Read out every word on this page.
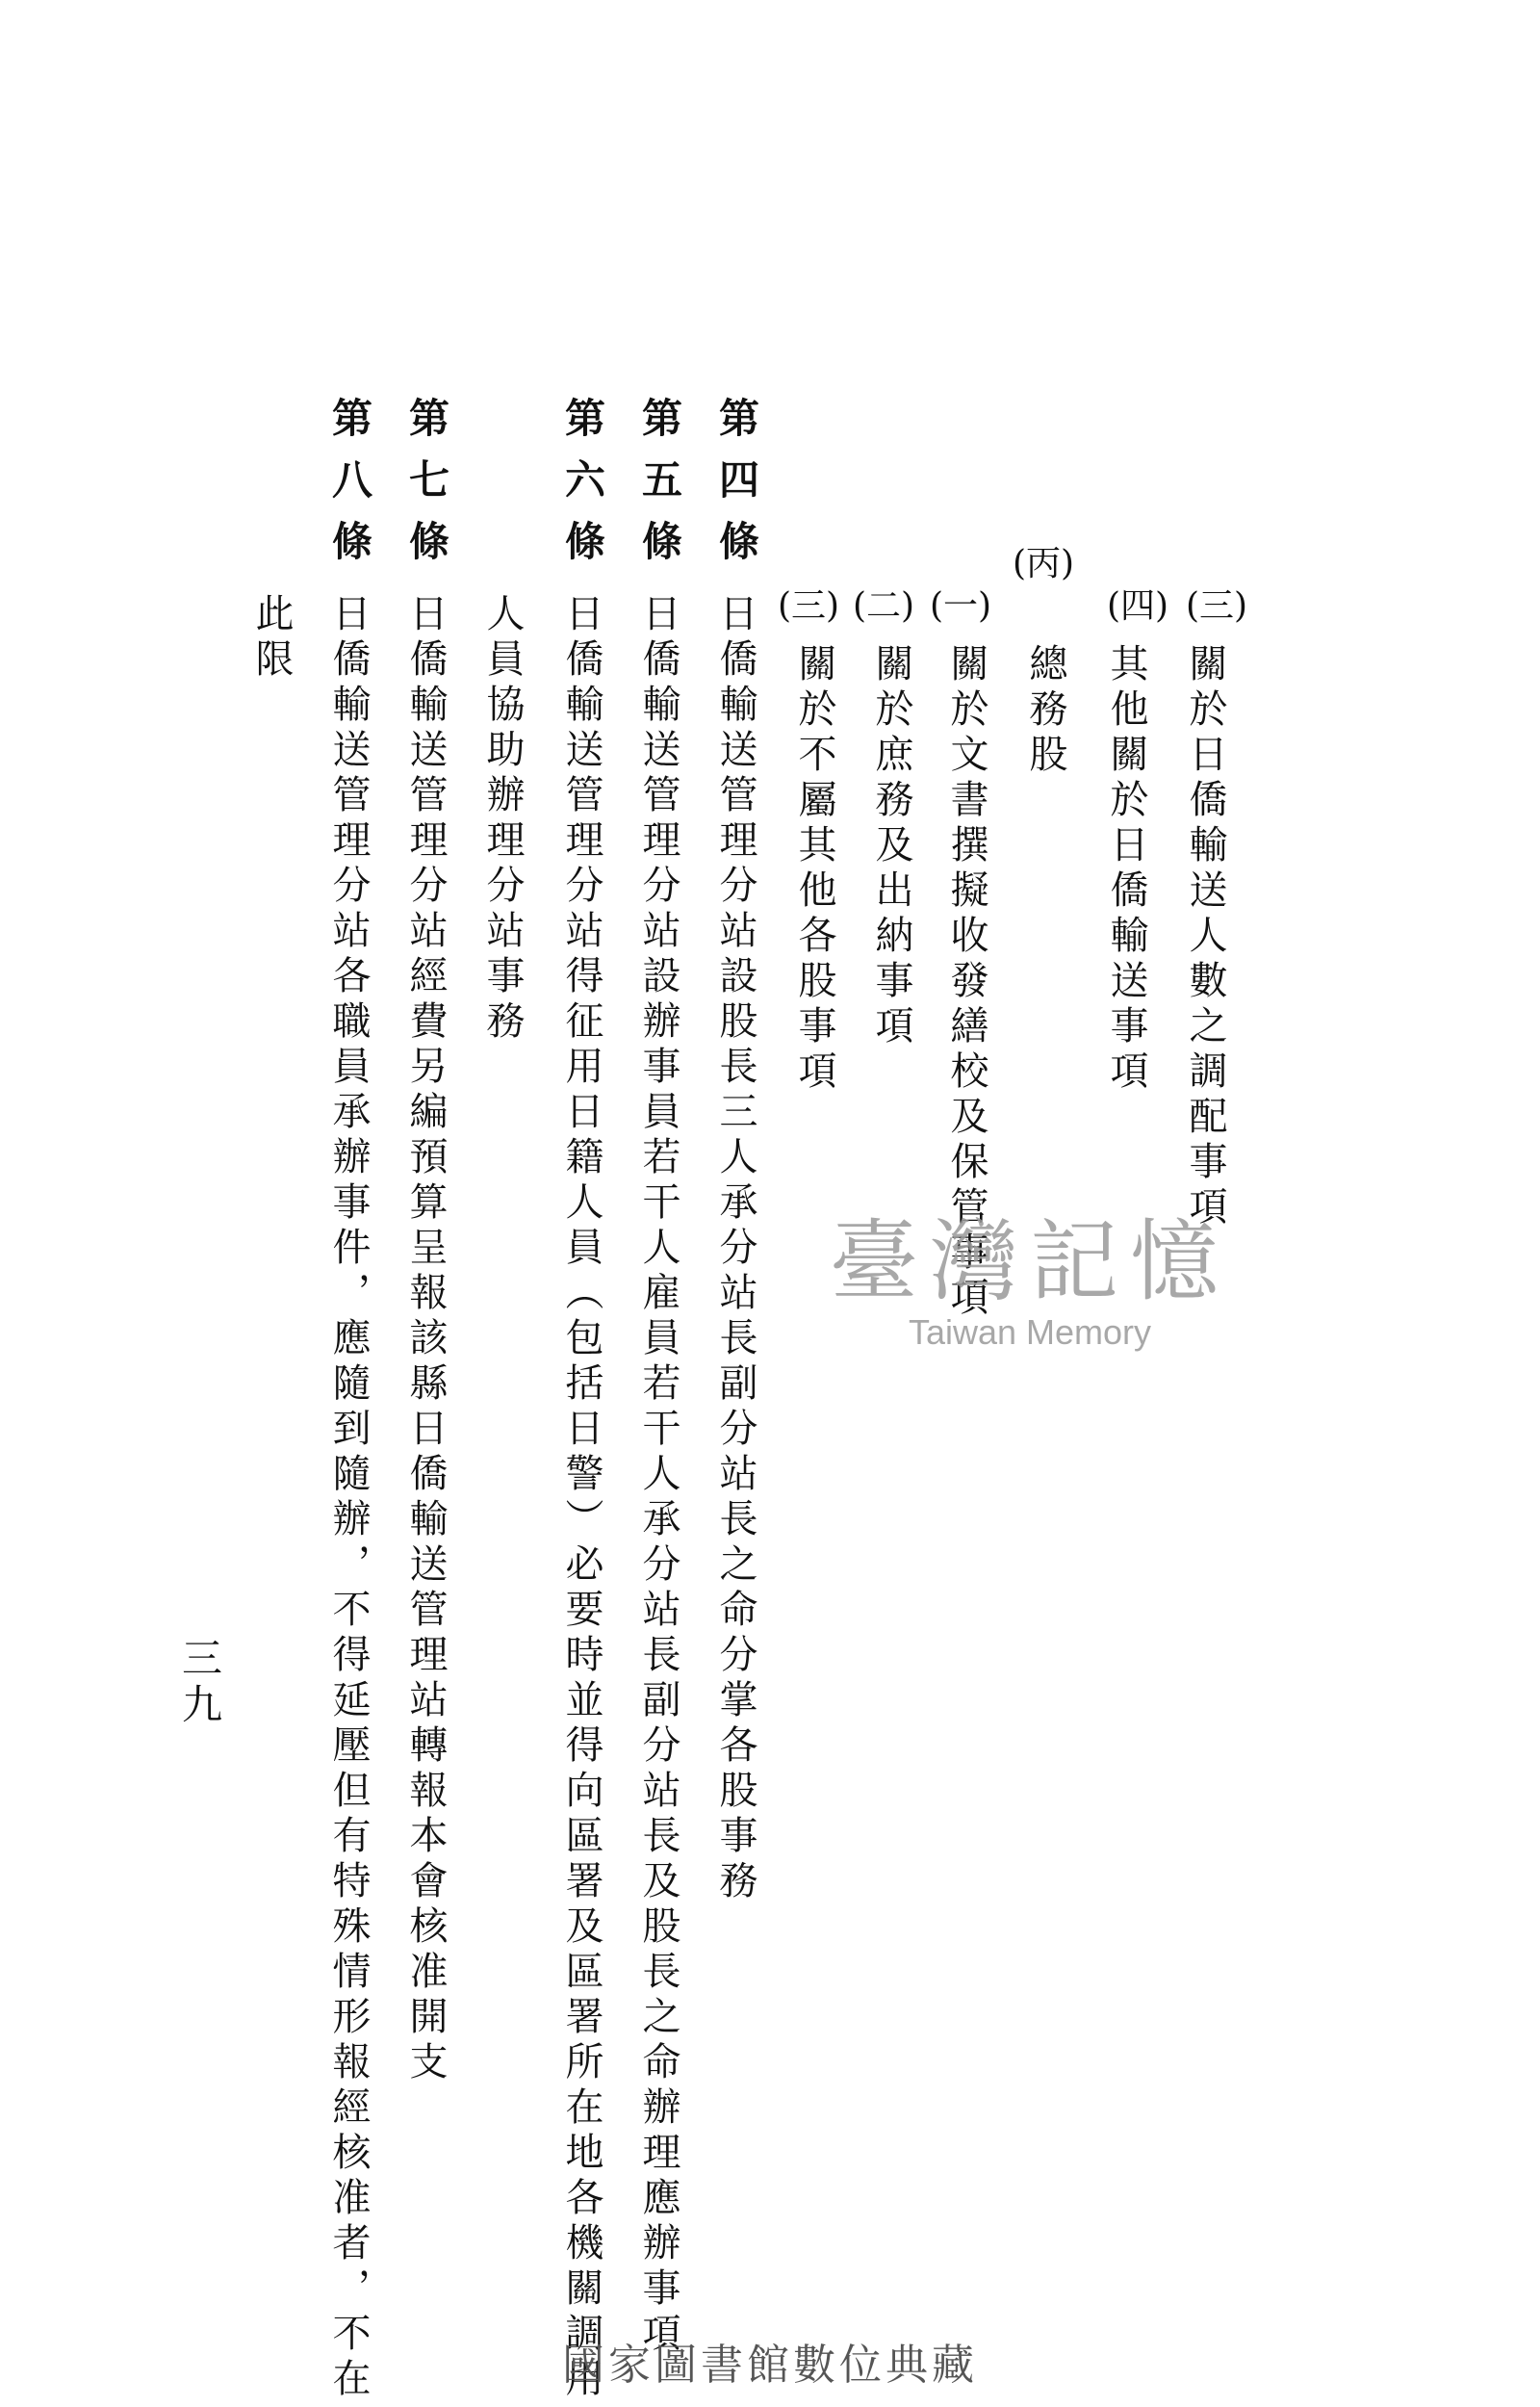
(三)
關於日僑輸送人數之調配事項
(四)
其他關於日僑輸送事項
(丙)
總務股
(一)
關於文書撰擬收發繕校及保管事項
(二)
關於庶務及出納事項
(三)
關於不屬其他各股事項
第四條
日僑輸送管理分站設股長三人承分站長副分站長之命分掌各股事務
第五條
日僑輸送管理分站設辦事員若干人雇員若干人承分站長副分站長及股長之命辦理應辦事項
第六條
日僑輸送管理分站得征用日籍人員（包括日警）必要時並得向區署及區署所在地各機關調用
人員協助辦理分站事務
第七條
日僑輸送管理分站經費另編預算呈報該縣日僑輸送管理站轉報本會核准開支
第八條
日僑輸送管理分站各職員承辦事件，應隨到隨辦，不得延壓但有特殊情形報經核准者，不在
此限
三九
臺灣記憶
Taiwan Memory
國家圖書館數位典藏
